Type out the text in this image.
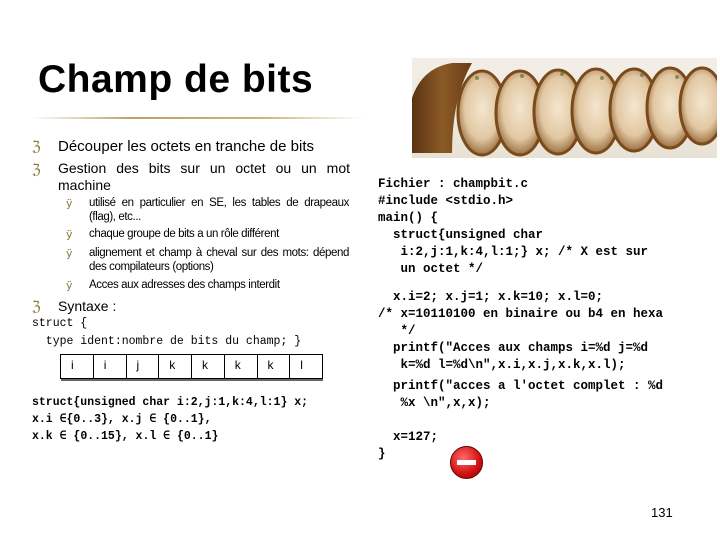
Champ de bits
ℨ Découper les octets en tranche de bits
ℨ Gestion des bits sur un octet ou un mot machine
ÿ utilisé en particulier en SE, les tables de drapeaux (flag), etc...
ÿ chaque groupe de bits a un rôle différent
ÿ alignement et champ à cheval sur des mots: dépend des compilateurs (options)
ÿ Acces aux adresses des champs interdit
ℨ Syntaxe :
struct {
type ident:nombre de bits du champ; }
i	i	j	k	k	k	k	l
struct{unsigned char i:2,j:1,k:4,l:1} x;
x.i ∈{0..3}, x.j ∈ {0..1},
x.k ∈ {0..15}, x.l ∈ {0..1}
Fichier : champbit.c
#include <stdio.h>
main() {
struct{unsigned char
i:2,j:1,k:4,l:1;} x; /* X est sur
un octet */
x.i=2; x.j=1; x.k=10; x.l=0;
/* x=10110100 en binaire ou b4 en hexa
*/
printf("Acces aux champs i=%d j=%d
k=%d l=%d\n",x.i,x.j,x.k,x.l);
printf("acces a l'octet complet : %d
%x \n",x,x);
x=127;
}
131
